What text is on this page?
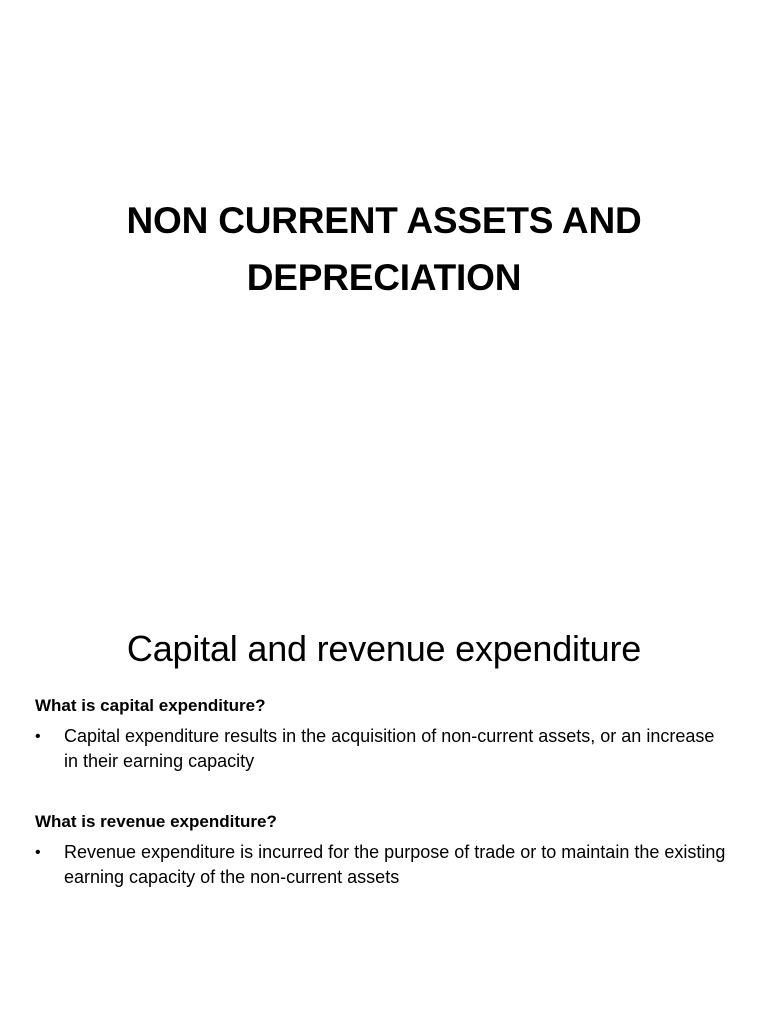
NON CURRENT ASSETS AND
DEPRECIATION
Capital and revenue expenditure

What is capital expenditure?

• Capital expenditure results in the acquisition of non-current assets, or an increase in their earning capacity

What is revenue expenditure?

• Revenue expenditure is incurred for the purpose of trade or to maintain the existing earning capacity of the non-current assets
